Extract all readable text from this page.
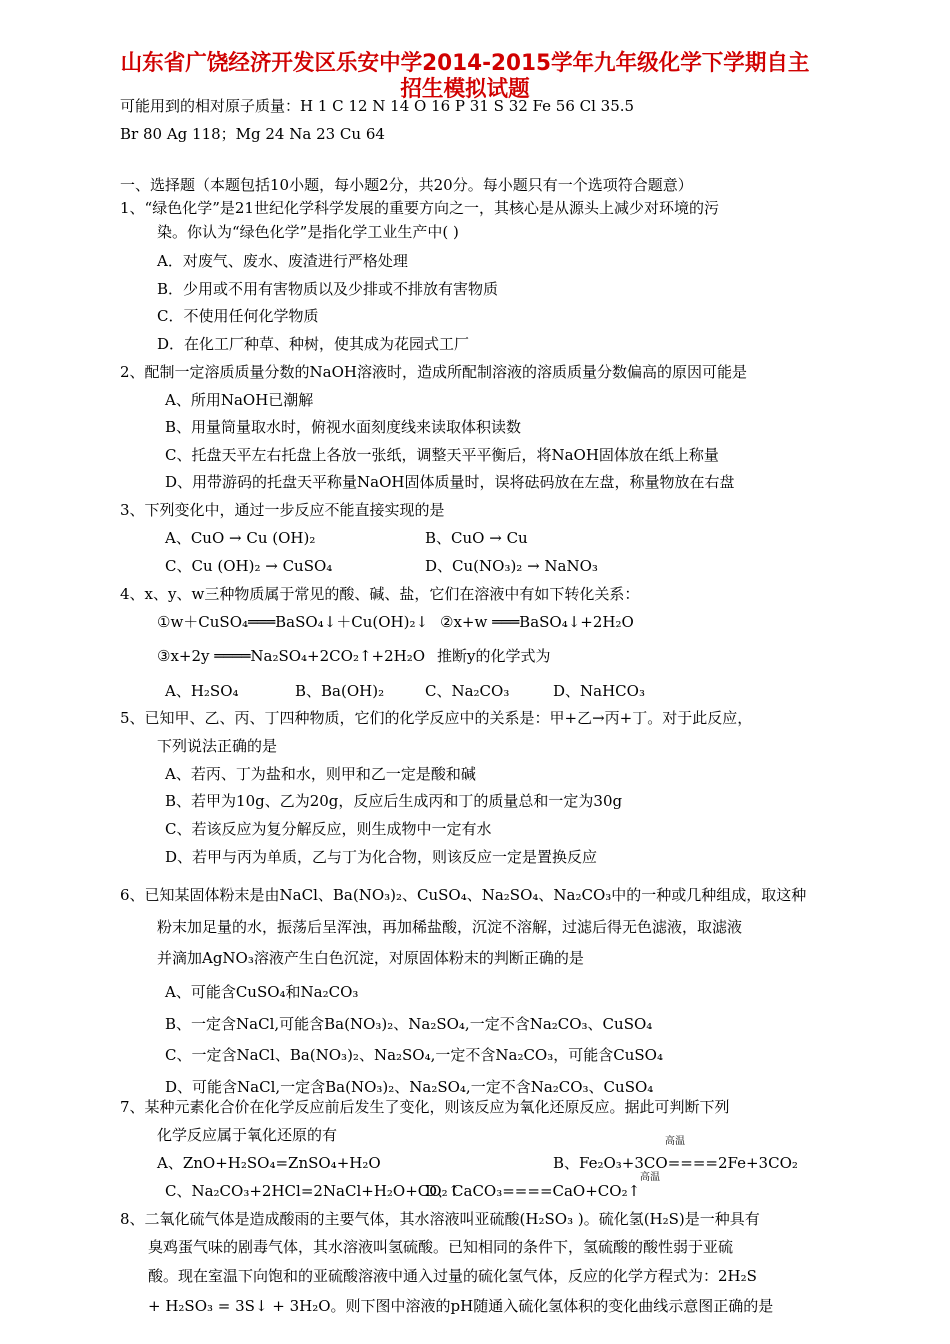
山东省广饶经济开发区乐安中学2014-2015学年九年级化学下学期自主
招生模拟试题
可能用到的相对原子质量：H 1 C 12 N 14 O 16 P 31 S 32 Fe 56 Cl 35.5
Br 80 Ag 118；Mg 24 Na 23 Cu 64
一、选择题（本题包括10小题，每小题2分，共20分。每小题只有一个选项符合题意）
1、“绿色化学”是21世纪化学科学发展的重要方向之一，其核心是从源头上减少对环境的污
染。你认为“绿色化学”是指化学工业生产中( )
A．对废气、废水、废渣进行严格处理
B．少用或不用有害物质以及少排或不排放有害物质
C．不使用任何化学物质
D．在化工厂种草、种树，使其成为花园式工厂
2、配制一定溶质质量分数的NaOH溶液时，造成所配制溶液的溶质质量分数偏高的原因可能是
A、所用NaOH已潮解
B、用量筒量取水时，俯视水面刻度线来读取体积读数
C、托盘天平左右托盘上各放一张纸，调整天平平衡后，将NaOH固体放在纸上称量
D、用带游码的托盘天平称量NaOH固体质量时，误将砝码放在左盘，称量物放在右盘
3、下列变化中，通过一步反应不能直接实现的是
A、CuO → Cu (OH)₂	B、CuO → Cu
C、Cu (OH)₂ → CuSO₄	D、Cu(NO₃)₂ → NaNO₃
4、x、y、w三种物质属于常见的酸、碱、盐，它们在溶液中有如下转化关系：
①w＋CuSO₄═══BaSO₄↓＋Cu(OH)₂↓ ②x+w ═══BaSO₄↓+2H₂O
③x+2y ════Na₂SO₄+2CO₂↑+2H₂O 推断y的化学式为
A、H₂SO₄	B、Ba(OH)₂	C、Na₂CO₃	D、NaHCO₃
5、已知甲、乙、丙、丁四种物质，它们的化学反应中的关系是：甲+乙→丙+丁。对于此反应，
下列说法正确的是
A、若丙、丁为盐和水，则甲和乙一定是酸和碱
B、若甲为10g、乙为20g，反应后生成丙和丁的质量总和一定为30g
C、若该反应为复分解反应，则生成物中一定有水
D、若甲与丙为单质，乙与丁为化合物，则该反应一定是置换反应
6、已知某固体粉末是由NaCl、Ba(NO₃)₂、CuSO₄、Na₂SO₄、Na₂CO₃中的一种或几种组成，取这种
粉末加足量的水，振荡后呈浑浊，再加稀盐酸，沉淀不溶解，过滤后得无色滤液，取滤液
并滴加AgNO₃溶液产生白色沉淀，对原固体粉末的判断正确的是
A、可能含CuSO₄和Na₂CO₃
B、一定含NaCl,可能含Ba(NO₃)₂、Na₂SO₄,一定不含Na₂CO₃、CuSO₄
C、一定含NaCl、Ba(NO₃)₂、Na₂SO₄,一定不含Na₂CO₃，可能含CuSO₄
D、可能含NaCl,一定含Ba(NO₃)₂、Na₂SO₄,一定不含Na₂CO₃、CuSO₄
7、某种元素化合价在化学反应前后发生了变化，则该反应为氧化还原反应。据此可判断下列
化学反应属于氧化还原的有	高温
A、ZnO+H₂SO₄=ZnSO₄+H₂O	B、Fe₂O₃+3CO====2Fe+3CO₂
C、Na₂CO₃+2HCl=2NaCl+H₂O+CO₂↑
D、CaCO₃====CaO+CO₂↑
高温
8、二氧化硫气体是造成酸雨的主要气体，其水溶液叫亚硫酸(H₂SO₃ )。硫化氢(H₂S)是一种具有
臭鸡蛋气味的剧毒气体，其水溶液叫氢硫酸。已知相同的条件下，氢硫酸的酸性弱于亚硫
酸。现在室温下向饱和的亚硫酸溶液中通入过量的硫化氢气体，反应的化学方程式为：2H₂S
+ H₂SO₃ = 3S↓ + 3H₂O。则下图中溶液的pH随通入硫化氢体积的变化曲线示意图正确的是
